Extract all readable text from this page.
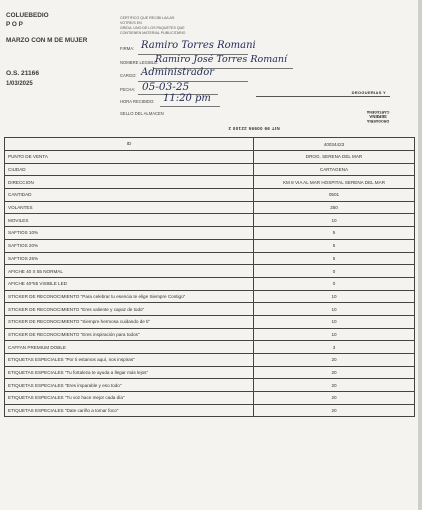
COLUEBEDIO
P O P
MARZO CON M DE MUJER
O.S. 21166
1/03/2025
CERTIFICO QUE RECIBI LA/LAS
VOTRE/S EN
GRIDA: UNO DE LOS PAQUETES QUE
CONTIENEN MATERIAL PUBLICITARIO
FIRMA: Ramiro Torres Romani
NOMBRE LEGIBLE:
Ramiro José Torres Romaní
CARGO: Administrador
FECHA: 05-03-25
HORA RECIBIDO: 11:20 pm
SELLO DEL ALMACEN
DROGUERIAS Y
DROGUERIA
SERENA
CARTAGENA
NIT 99 00995 22100 2
ID	40034423
PUNTO DE VENTA	DROG. SERENA DEL MAR
CIUDAD	CARTAGENA
DIRECCION	KM 8 VIA AL MAR HOSPITAL SERENA DEL MAR
CANTIDAD	0501
VOLANTES	350
MOVILES	10
SAFTIOS 10%	5
SAFTIOS 20%	5
SAFTIOS 25%	5
AFICHE 40 X 55 NORMAL	0
AFICHE 40*55 VISIBLE LED	0
STICKER DE RECONOCIMIENTO "Para celebrar tu esencia te elige Siempre Contigo"	10
STICKER DE RECONOCIMIENTO "Eres valiente y capaz de todo"	10
STICKER DE RECONOCIMIENTO "Siempre hermosa cuidando de ti"	10
STICKER DE RECONOCIMIENTO "Eres inspiración para todos"	10
CAFFAN PREMIUM DOBLE	3
ETIQUETAS ESPECIALES "Por ti estamos aquí, nos inspiras"	20
ETIQUETAS ESPECIALES "Tu fortaleza te ayuda a llegar más lejos"	20
ETIQUETAS ESPECIALES "Eres imparable y eso todo"	20
ETIQUETAS ESPECIALES "Tu voz hace mejor cada día"	20
ETIQUETAS ESPECIALES "Date cariño a tomar foco"	20
